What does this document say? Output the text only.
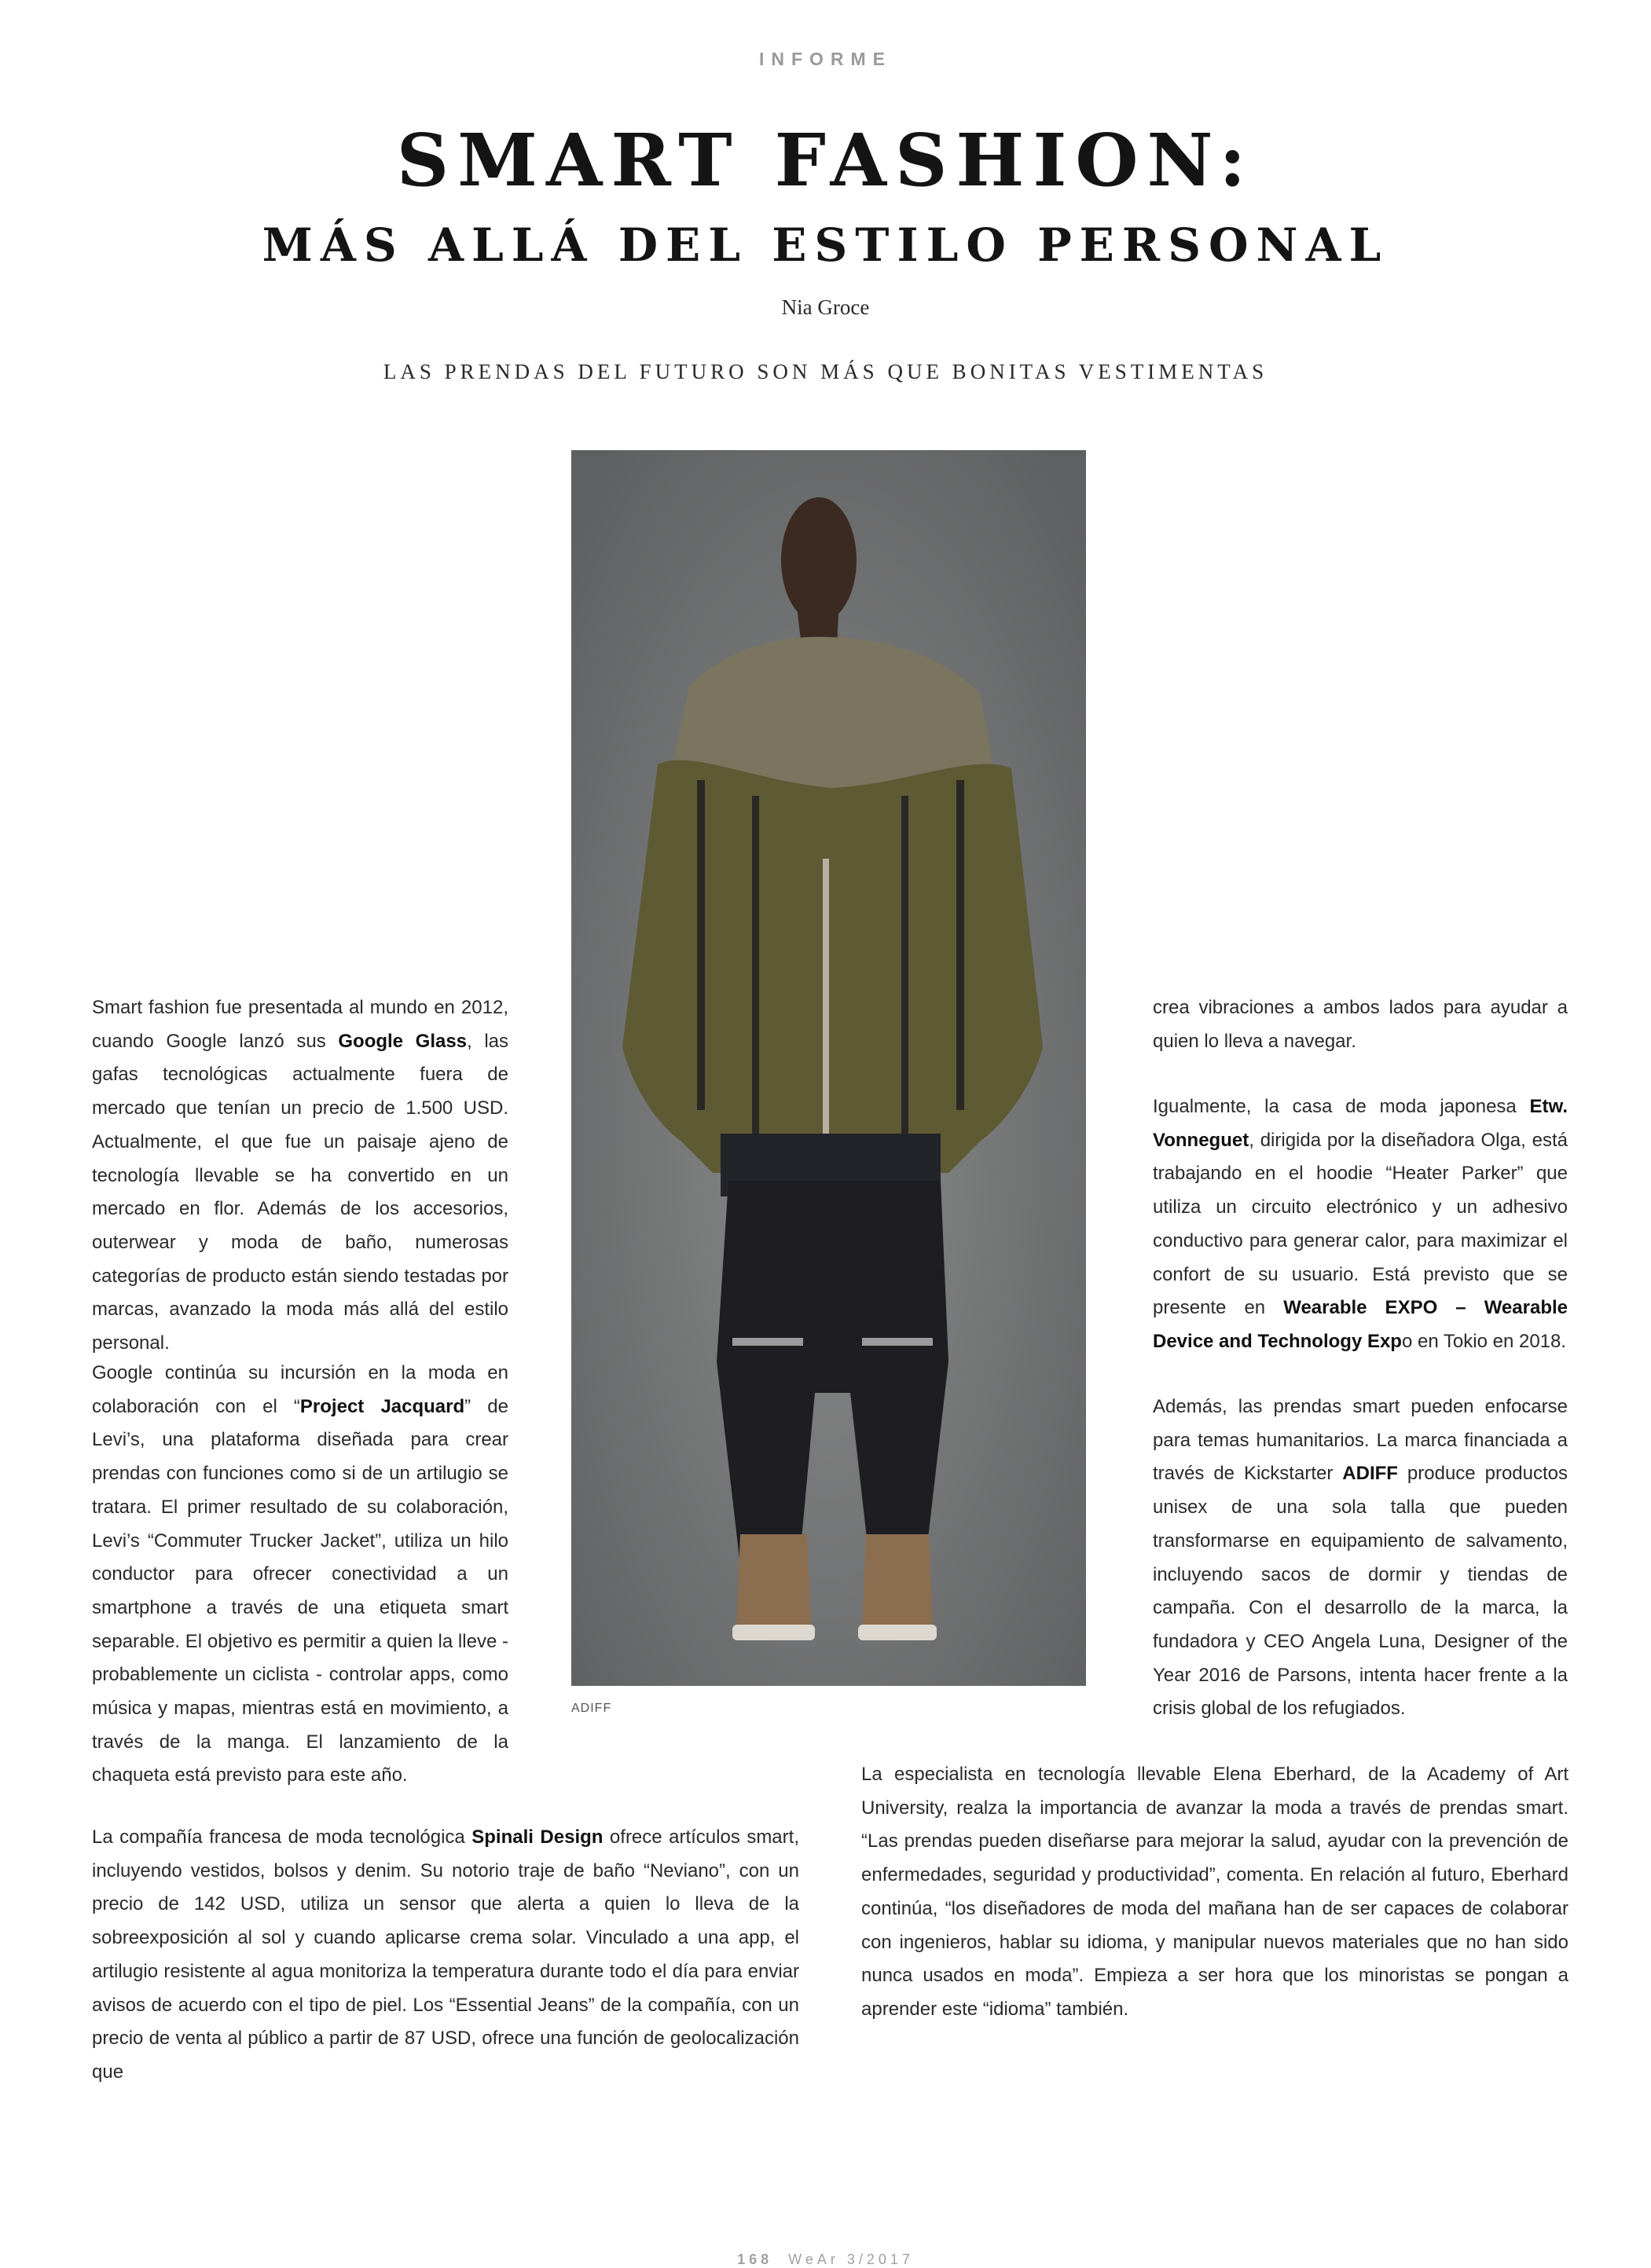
INFORME
SMART FASHION:
MÁS ALLÁ DEL ESTILO PERSONAL
Nia Groce
LAS PRENDAS DEL FUTURO SON MÁS QUE BONITAS VESTIMENTAS
ADIFF

Smart fashion fue presentada al mundo en 2012, cuando Google lanzó sus Google Glass, las gafas tecnológicas actualmente fuera de mercado que tenían un precio de 1.500 USD. Actualmente, el que fue un paisaje ajeno de tecnología llevable se ha convertido en un mercado en flor. Además de los accesorios, outerwear y moda de baño, numerosas categorías de producto están siendo testadas por marcas, avanzado la moda más allá del estilo personal.

Google continúa su incursión en la moda en colaboración con el “Project Jacquard” de Levi’s, una plataforma diseñada para crear prendas con funciones como si de un artilugio se tratara. El primer resultado de su colaboración, Levi’s “Commuter Trucker Jacket”, utiliza un hilo conductor para ofrecer conectividad a un smartphone a través de una etiqueta smart separable. El objetivo es permitir a quien la lleve - probablemente un ciclista - controlar apps, como música y mapas, mientras está en movimiento, a través de la manga. El lanzamiento de la chaqueta está previsto para este año.

La compañía francesa de moda tecnológica Spinali Design ofrece artículos smart, incluyendo vestidos, bolsos y denim. Su notorio traje de baño “Neviano”, con un precio de 142 USD, utiliza un sensor que alerta a quien lo lleva de la sobreexposición al sol y cuando aplicarse crema solar. Vinculado a una app, el artilugio resistente al agua monitoriza la temperatura durante todo el día para enviar avisos de acuerdo con el tipo de piel. Los “Essential Jeans” de la compañía, con un precio de venta al público a partir de 87 USD, ofrece una función de geolocalización que

crea vibraciones a ambos lados para ayudar a quien lo lleva a navegar.

Igualmente, la casa de moda japonesa Etw. Vonneguet, dirigida por la diseñadora Olga, está trabajando en el hoodie “Heater Parker” que utiliza un circuito electrónico y un adhesivo conductivo para generar calor, para maximizar el confort de su usuario. Está previsto que se presente en Wearable EXPO – Wearable Device and Technology Expo en Tokio en 2018.

Además, las prendas smart pueden enfocarse para temas humanitarios. La marca financiada a través de Kickstarter ADIFF produce productos unisex de una sola talla que pueden transformarse en equipamiento de salvamento, incluyendo sacos de dormir y tiendas de campaña. Con el desarrollo de la marca, la fundadora y CEO Angela Luna, Designer of the Year 2016 de Parsons, intenta hacer frente a la crisis global de los refugiados.

La especialista en tecnología llevable Elena Eberhard, de la Academy of Art University, realza la importancia de avanzar la moda a través de prendas smart. “Las prendas pueden diseñarse para mejorar la salud, ayudar con la prevención de enfermedades, seguridad y productividad”, comenta. En relación al futuro, Eberhard continúa, “los diseñadores de moda del mañana han de ser capaces de colaborar con ingenieros, hablar su idioma, y manipular nuevos materiales que no han sido nunca usados en moda”. Empieza a ser hora que los minoristas se pongan a aprender este “idioma” también.

168 WeAr 3/2017
